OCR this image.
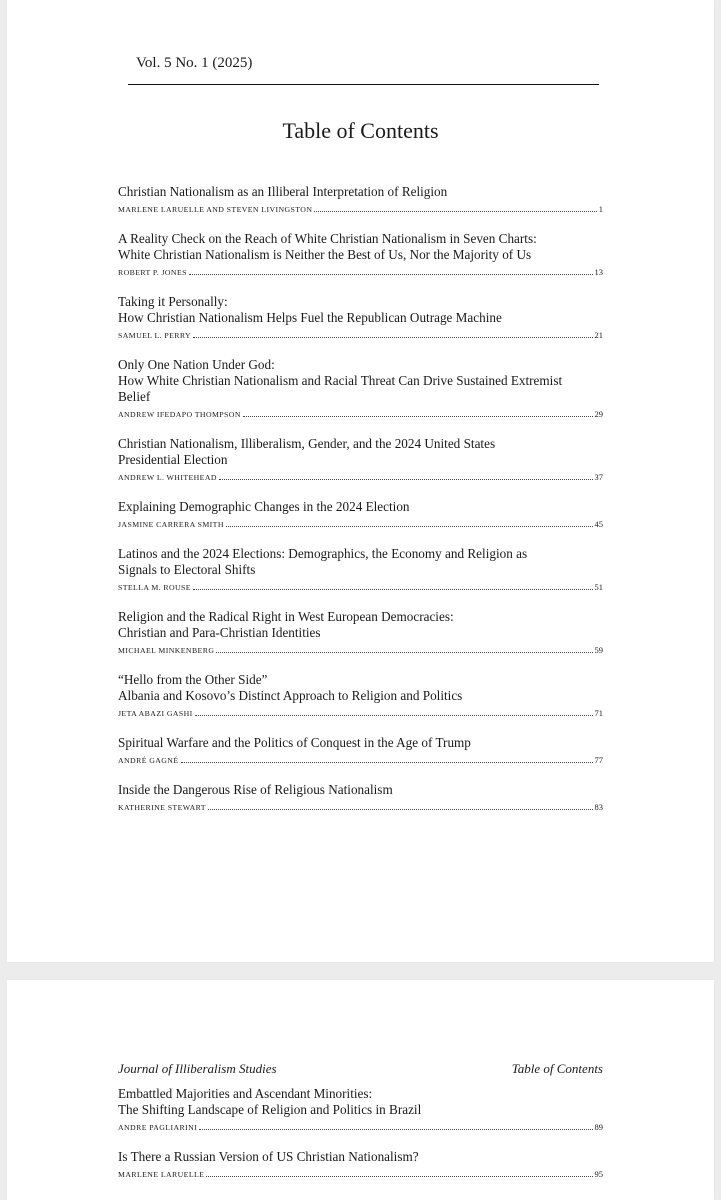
Vol. 5 No. 1 (2025)
Table of Contents
Christian Nationalism as an Illiberal Interpretation of Religion
MARLENE LARUELLE AND STEVEN LIVINGSTON	1
A Reality Check on the Reach of White Christian Nationalism in Seven Charts:
White Christian Nationalism is Neither the Best of Us, Nor the Majority of Us
ROBERT P. JONES	13
Taking it Personally:
How Christian Nationalism Helps Fuel the Republican Outrage Machine
SAMUEL L. PERRY	21
Only One Nation Under God:
How White Christian Nationalism and Racial Threat Can Drive Sustained Extremist
Belief
ANDREW IFEDAPO THOMPSON	29
Christian Nationalism, Illiberalism, Gender, and the 2024 United States
Presidential Election
ANDREW L. WHITEHEAD	37
Explaining Demographic Changes in the 2024 Election
JASMINE CARRERA SMITH	45
Latinos and the 2024 Elections: Demographics, the Economy and Religion as
Signals to Electoral Shifts
STELLA M. ROUSE	51
Religion and the Radical Right in West European Democracies:
Christian and Para-Christian Identities
MICHAEL MINKENBERG	59
“Hello from the Other Side”
Albania and Kosovo’s Distinct Approach to Religion and Politics
JETA ABAZI GASHI	71
Spiritual Warfare and the Politics of Conquest in the Age of Trump
ANDRÉ GAGNÉ	77
Inside the Dangerous Rise of Religious Nationalism
KATHERINE STEWART	83
Journal of Illiberalism Studies	Table of Contents
Embattled Majorities and Ascendant Minorities:
The Shifting Landscape of Religion and Politics in Brazil
ANDRE PAGLIARINI	89
Is There a Russian Version of US Christian Nationalism?
MARLENE LARUELLE	95
